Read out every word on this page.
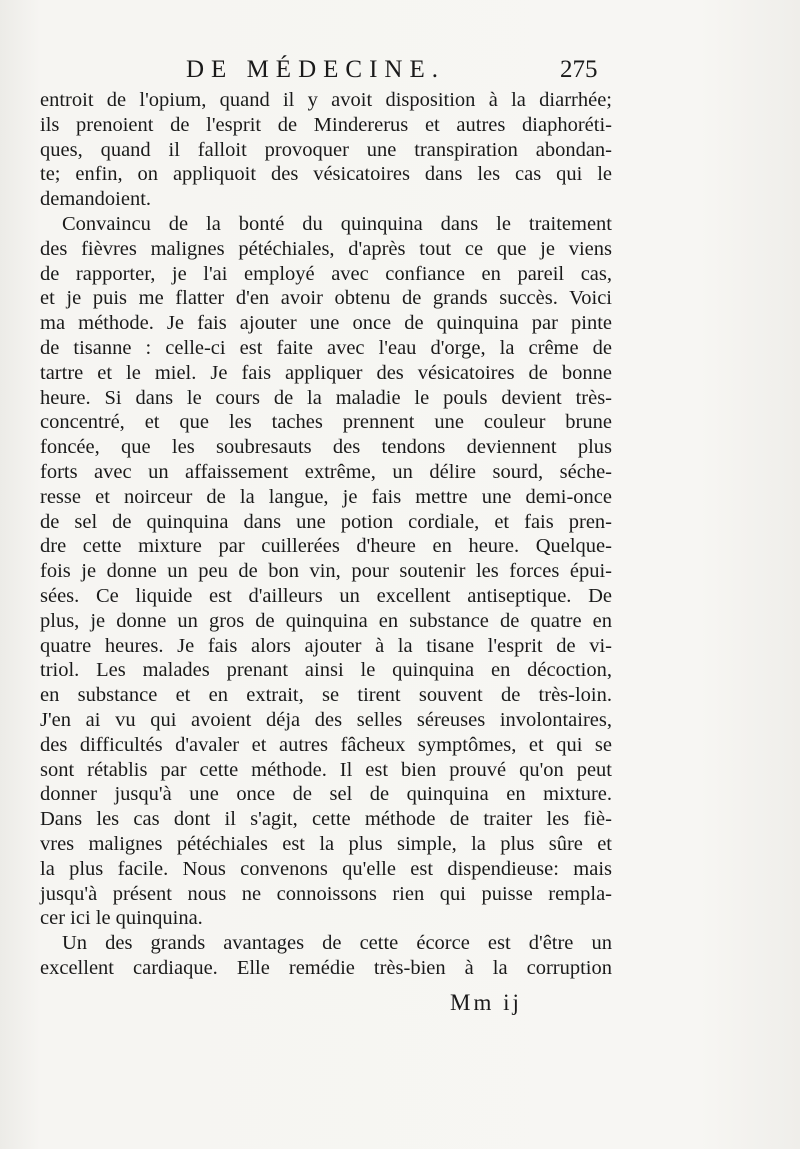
DE MÉDECINE.	275
entroit de l'opium, quand il y avoit disposition à la diarrhée;
ils prenoient de l'esprit de Mindererus et autres diaphoréti-
ques, quand il falloit provoquer une transpiration abondan-
te; enfin, on appliquoit des vésicatoires dans les cas qui le
demandoient.
Convaincu de la bonté du quinquina dans le traitement
des fièvres malignes pétéchiales, d'après tout ce que je viens
de rapporter, je l'ai employé avec confiance en pareil cas,
et je puis me flatter d'en avoir obtenu de grands succès. Voici
ma méthode. Je fais ajouter une once de quinquina par pinte
de tisanne : celle-ci est faite avec l'eau d'orge, la crême de
tartre et le miel. Je fais appliquer des vésicatoires de bonne
heure. Si dans le cours de la maladie le pouls devient très-
concentré, et que les taches prennent une couleur brune
foncée, que les soubresauts des tendons deviennent plus
forts avec un affaissement extrême, un délire sourd, séche-
resse et noirceur de la langue, je fais mettre une demi-once
de sel de quinquina dans une potion cordiale, et fais pren-
dre cette mixture par cuillerées d'heure en heure. Quelque-
fois je donne un peu de bon vin, pour soutenir les forces épui-
sées. Ce liquide est d'ailleurs un excellent antiseptique. De
plus, je donne un gros de quinquina en substance de quatre en
quatre heures. Je fais alors ajouter à la tisane l'esprit de vi-
triol. Les malades prenant ainsi le quinquina en décoction,
en substance et en extrait, se tirent souvent de très-loin.
J'en ai vu qui avoient déja des selles séreuses involontaires,
des difficultés d'avaler et autres fâcheux symptômes, et qui se
sont rétablis par cette méthode. Il est bien prouvé qu'on peut
donner jusqu'à une once de sel de quinquina en mixture.
Dans les cas dont il s'agit, cette méthode de traiter les fiè-
vres malignes pétéchiales est la plus simple, la plus sûre et
la plus facile. Nous convenons qu'elle est dispendieuse: mais
jusqu'à présent nous ne connoissons rien qui puisse rempla-
cer ici le quinquina.
Un des grands avantages de cette écorce est d'être un
excellent cardiaque. Elle remédie très-bien à la corruption
Mm ij
